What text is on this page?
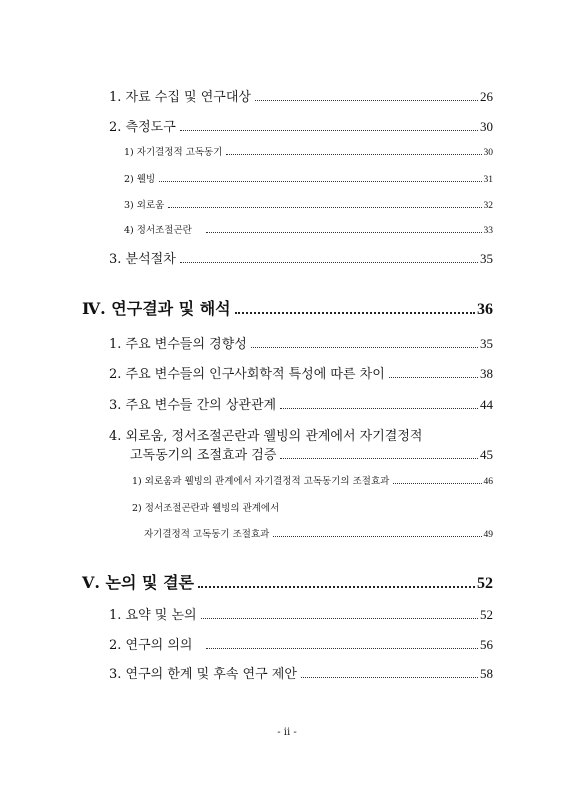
1. 자료 수집 및 연구대상	26
2. 측정도구	30
1) 자기결정적 고독동기	30
2) 웰빙	31
3) 외로움	32
4) 정서조절곤란	33
3. 분석절차	35
Ⅳ. 연구결과 및 해석	36
1. 주요 변수들의 경향성	35
2. 주요 변수들의 인구사회학적 특성에 따른 차이	38
3. 주요 변수들 간의 상관관계	44
4. 외로움, 정서조절곤란과 웰빙의 관계에서 자기결정적
고독동기의 조절효과 검증	45
1) 외로움과 웰빙의 관계에서 자기결정적 고독동기의 조절효과	46
2) 정서조절곤란과 웰빙의 관계에서
자기결정적 고독동기 조절효과	49
Ⅴ. 논의 및 결론	52
1. 요약 및 논의	52
2. 연구의 의의	56
3. 연구의 한계 및 후속 연구 제안	58
- ii -
